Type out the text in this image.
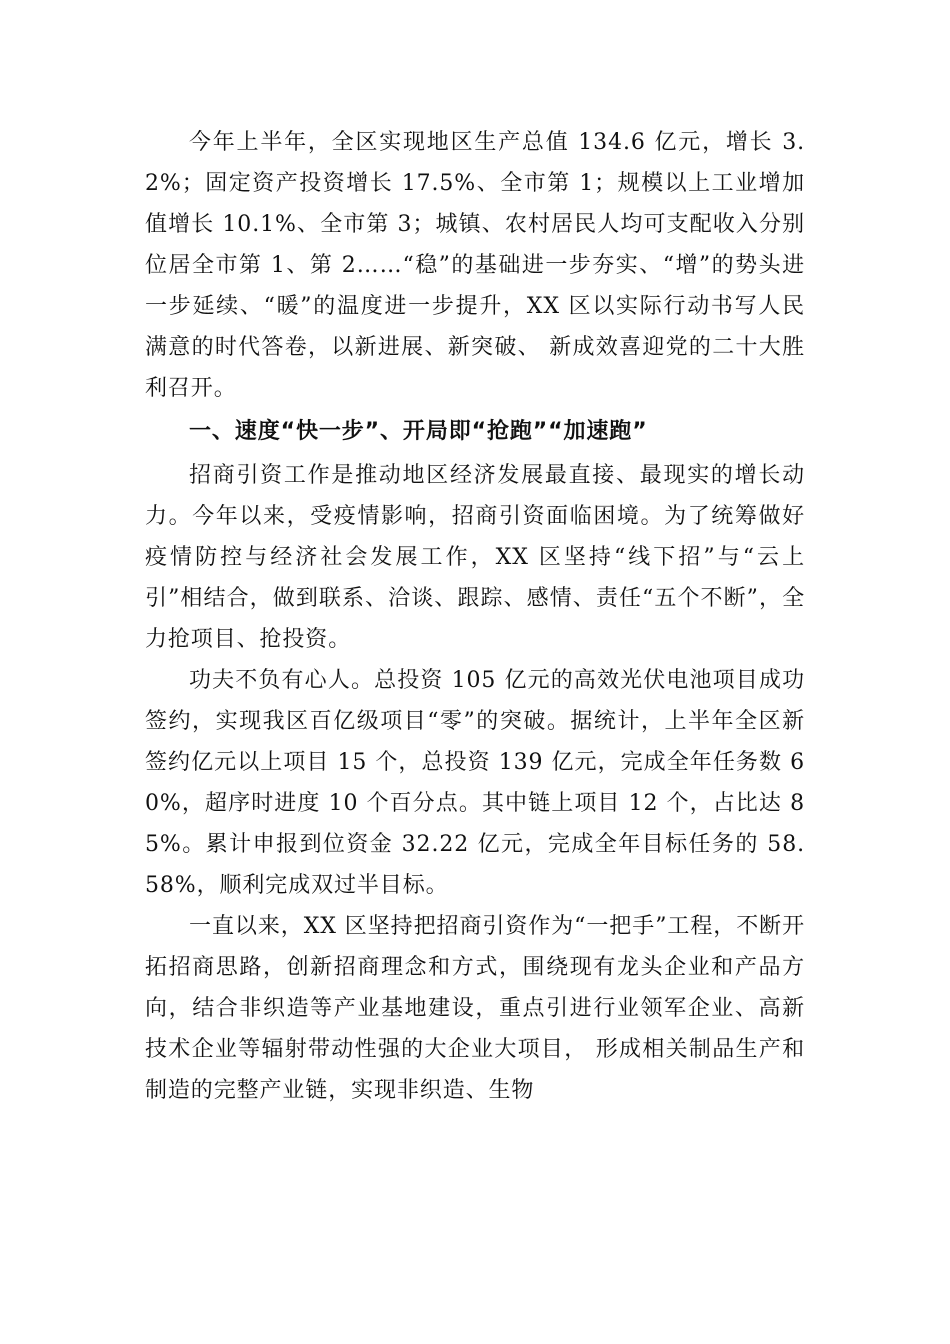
今年上半年，全区实现地区生产总值 134.6 亿元，增长 3.2%；固定资产投资增长 17.5%、全市第 1；规模以上工业增加值增长 10.1%、全市第 3；城镇、农村居民人均可支配收入分别位居全市第 1、第 2……“稳”的基础进一步夯实、“增”的势头进一步延续、“暖”的温度进一步提升，XX 区以实际行动书写人民满意的时代答卷，以新进展、新突破、 新成效喜迎党的二十大胜利召开。

一、速度“快一步”、开局即“抢跑”“加速跑”

招商引资工作是推动地区经济发展最直接、最现实的增长动力。今年以来，受疫情影响，招商引资面临困境。为了统筹做好疫情防控与经济社会发展工作，XX 区坚持“线下招”与“云上引”相结合，做到联系、洽谈、跟踪、感情、责任“五个不断”，全力抢项目、抢投资。

功夫不负有心人。总投资 105 亿元的高效光伏电池项目成功签约，实现我区百亿级项目“零”的突破。据统计，上半年全区新签约亿元以上项目 15 个，总投资 139 亿元，完成全年任务数 60%，超序时进度 10 个百分点。其中链上项目 12 个，占比达 85%。累计申报到位资金 32.22 亿元，完成全年目标任务的 58.58%，顺利完成双过半目标。

一直以来，XX 区坚持把招商引资作为“一把手”工程，不断开拓招商思路，创新招商理念和方式，围绕现有龙头企业和产品方向，结合非织造等产业基地建设，重点引进行业领军企业、高新技术企业等辐射带动性强的大企业大项目， 形成相关制品生产和制造的完整产业链，实现非织造、生物
